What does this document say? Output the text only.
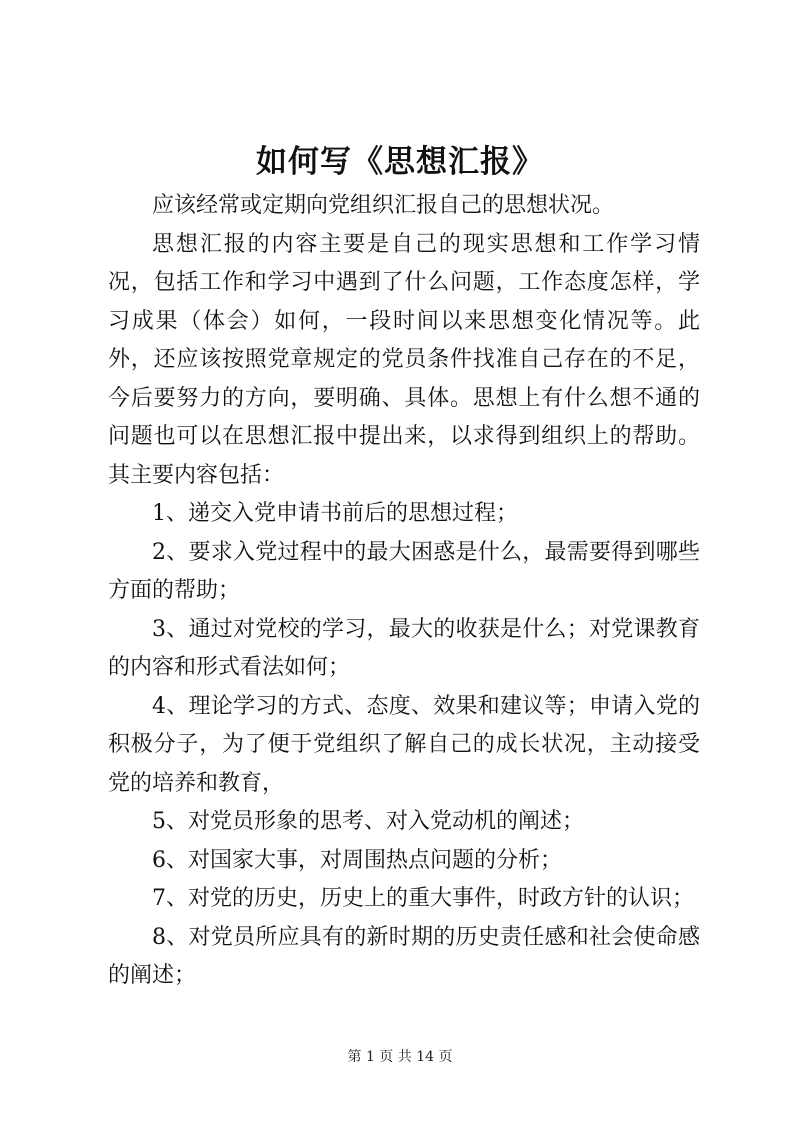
如何写《思想汇报》

应该经常或定期向党组织汇报自己的思想状况。

思想汇报的内容主要是自己的现实思想和工作学习情况，包括工作和学习中遇到了什么问题，工作态度怎样，学习成果（体会）如何，一段时间以来思想变化情况等。此外，还应该按照党章规定的党员条件找准自己存在的不足，今后要努力的方向，要明确、具体。思想上有什么想不通的问题也可以在思想汇报中提出来，以求得到组织上的帮助。其主要内容包括：

1、递交入党申请书前后的思想过程；

2、要求入党过程中的最大困惑是什么，最需要得到哪些方面的帮助；

3、通过对党校的学习，最大的收获是什么；对党课教育的内容和形式看法如何；

4、理论学习的方式、态度、效果和建议等；申请入党的积极分子，为了便于党组织了解自己的成长状况，主动接受党的培养和教育，

5、对党员形象的思考、对入党动机的阐述；

6、对国家大事，对周围热点问题的分析；

7、对党的历史，历史上的重大事件，时政方针的认识；

8、对党员所应具有的新时期的历史责任感和社会使命感的阐述；

第 1 页 共 14 页
